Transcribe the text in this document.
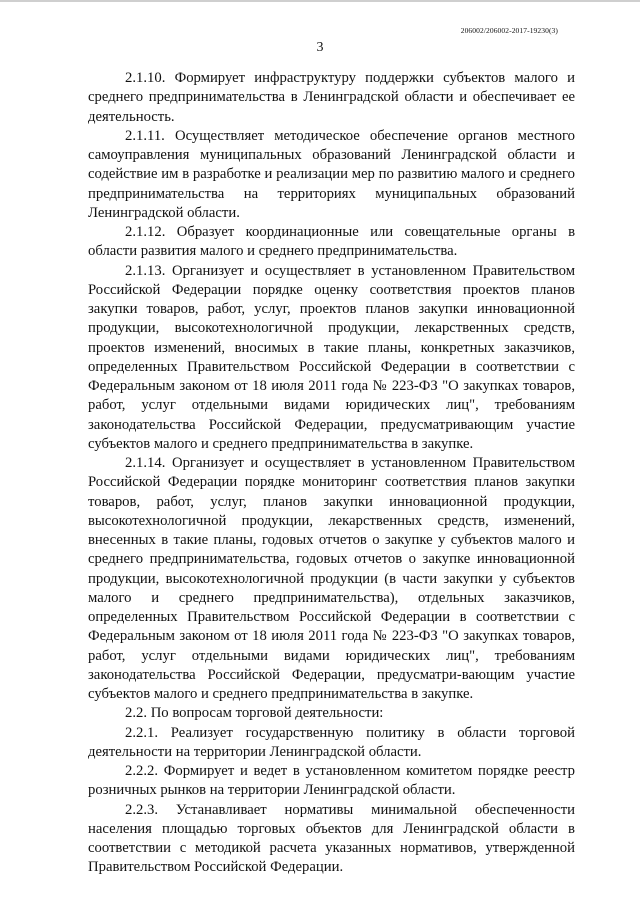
206002/206002-2017-19230(3)
3

2.1.10. Формирует инфраструктуру поддержки субъектов малого и среднего предпринимательства в Ленинградской области и обеспечивает ее деятельность.

2.1.11. Осуществляет методическое обеспечение органов местного самоуправления муниципальных образований Ленинградской области и содействие им в разработке и реализации мер по развитию малого и среднего предпринимательства на территориях муниципальных образований Ленинградской области.

2.1.12. Образует координационные или совещательные органы в области развития малого и среднего предпринимательства.

2.1.13. Организует и осуществляет в установленном Правительством Российской Федерации порядке оценку соответствия проектов планов закупки товаров, работ, услуг, проектов планов закупки инновационной продукции, высокотехнологичной продукции, лекарственных средств, проектов изменений, вносимых в такие планы, конкретных заказчиков, определенных Правительством Российской Федерации в соответствии с Федеральным законом от 18 июля 2011 года № 223-ФЗ "О закупках товаров, работ, услуг отдельными видами юридических лиц", требованиям законодательства Российской Федерации, предусматривающим участие субъектов малого и среднего предпринимательства в закупке.

2.1.14. Организует и осуществляет в установленном Правительством Российской Федерации порядке мониторинг соответствия планов закупки товаров, работ, услуг, планов закупки инновационной продукции, высокотехнологичной продукции, лекарственных средств, изменений, внесенных в такие планы, годовых отчетов о закупке у субъектов малого и среднего предпринимательства, годовых отчетов о закупке инновационной продукции, высокотехнологичной продукции (в части закупки у субъектов малого и среднего предпринимательства), отдельных заказчиков, определенных Правительством Российской Федерации в соответствии с Федеральным законом от 18 июля 2011 года № 223-ФЗ "О закупках товаров, работ, услуг отдельными видами юридических лиц", требованиям законодательства Российской Федерации, предусматри-вающим участие субъектов малого и среднего предпринимательства в закупке.

2.2. По вопросам торговой деятельности:

2.2.1. Реализует государственную политику в области торговой деятельности на территории Ленинградской области.

2.2.2. Формирует и ведет в установленном комитетом порядке реестр розничных рынков на территории Ленинградской области.

2.2.3. Устанавливает нормативы минимальной обеспеченности населения площадью торговых объектов для Ленинградской области в соответствии с методикой расчета указанных нормативов, утвержденной Правительством Российской Федерации.
